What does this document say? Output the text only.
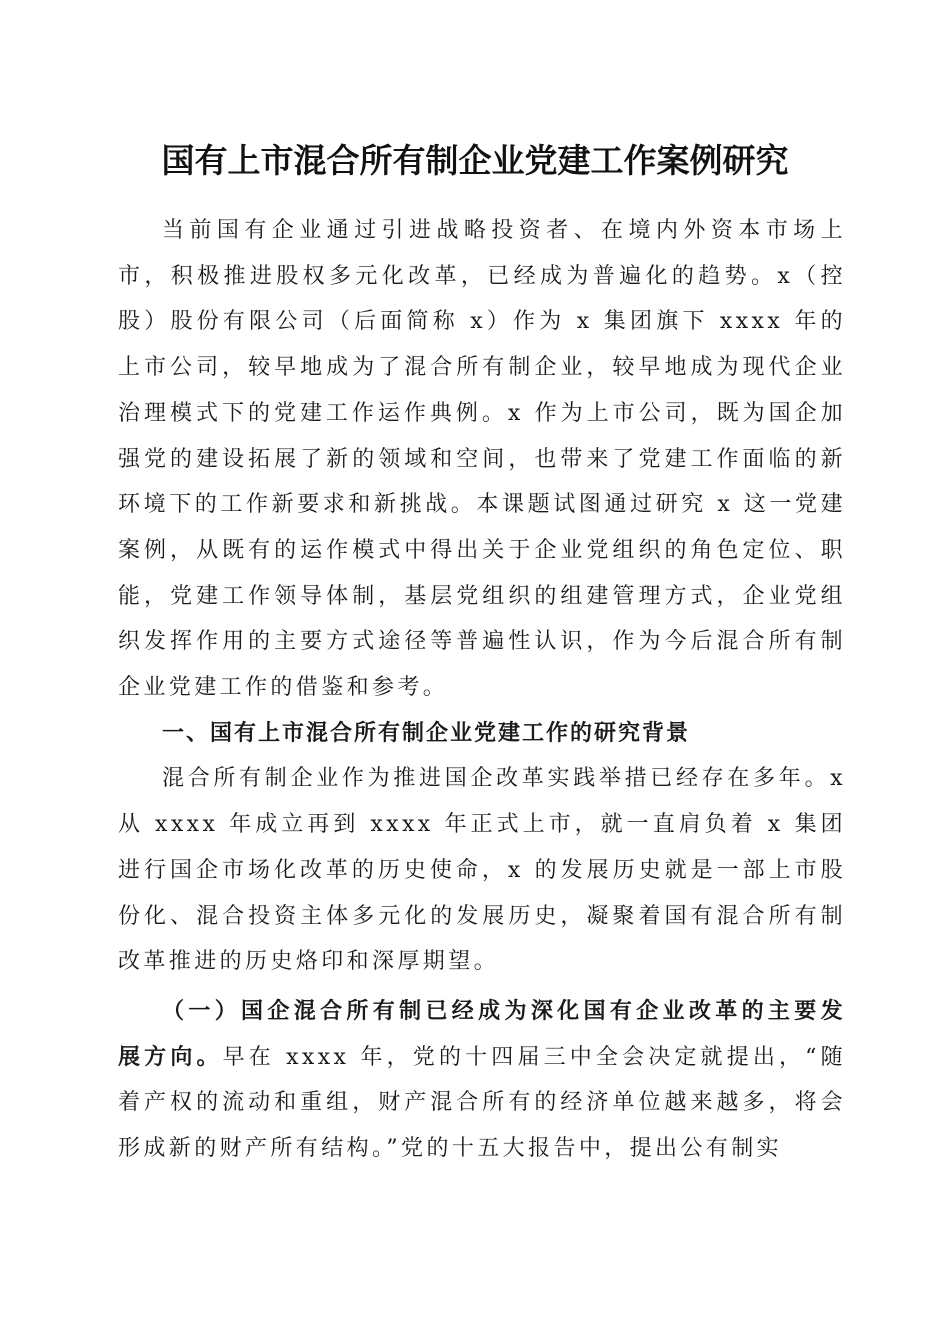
国有上市混合所有制企业党建工作案例研究

当前国有企业通过引进战略投资者、在境内外资本市场上市，积极推进股权多元化改革，已经成为普遍化的趋势。x（控股）股份有限公司（后面简称 x）作为 x 集团旗下 xxxx 年的上市公司，较早地成为了混合所有制企业，较早地成为现代企业治理模式下的党建工作运作典例。x 作为上市公司，既为国企加强党的建设拓展了新的领域和空间，也带来了党建工作面临的新环境下的工作新要求和新挑战。本课题试图通过研究 x 这一党建案例，从既有的运作模式中得出关于企业党组织的角色定位、职能，党建工作领导体制，基层党组织的组建管理方式，企业党组织发挥作用的主要方式途径等普遍性认识，作为今后混合所有制企业党建工作的借鉴和参考。

一、国有上市混合所有制企业党建工作的研究背景

混合所有制企业作为推进国企改革实践举措已经存在多年。x 从 xxxx 年成立再到 xxxx 年正式上市，就一直肩负着 x 集团进行国企市场化改革的历史使命，x 的发展历史就是一部上市股份化、混合投资主体多元化的发展历史，凝聚着国有混合所有制改革推进的历史烙印和深厚期望。

（一）国企混合所有制已经成为深化国有企业改革的主要发展方向。早在 xxxx 年，党的十四届三中全会决定就提出，“随着产权的流动和重组，财产混合所有的经济单位越来越多，将会形成新的财产所有结构。”党的十五大报告中，提出公有制实
